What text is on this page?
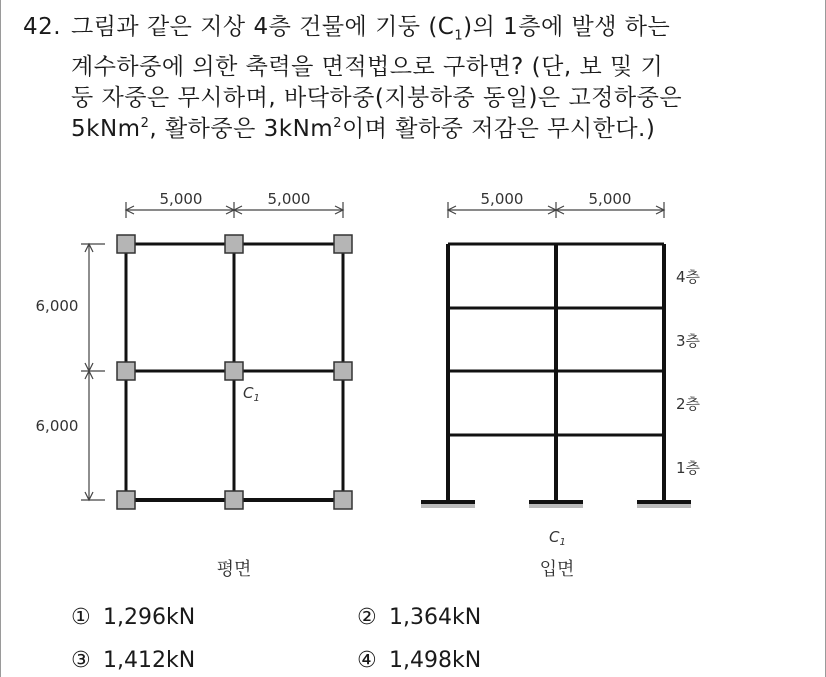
42. 그림과 같은 지상 4층 건물에 기둥 $(C_1)$의 1층에 발생 하는
계수하중에 의한 축력을 면적법으로 구하면? (단, 보 및 기
둥 자중은 무시하며, 바닥하중(지붕하중 동일)은 고정하중은
5kNm$^2$, 활하중은 3kNm$^2$이며 활하중 저감은 무시한다.)
5,000	5,000
6,000
6,000
$C_1$
평면
5,000	5,000
4층
3층
2층
1층
$C_1$
입면
① 1,296kN	② 1,364kN
③ 1,412kN	④ 1,498kN
